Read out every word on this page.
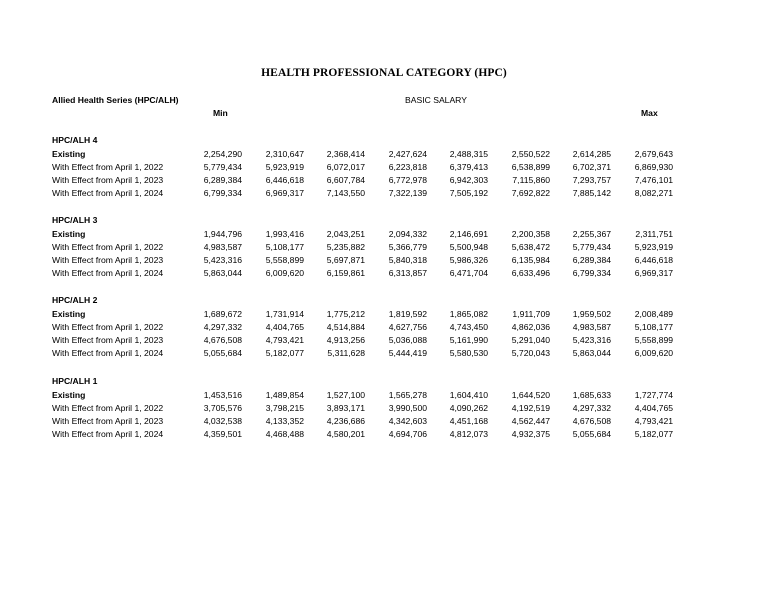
HEALTH PROFESSIONAL CATEGORY (HPC)
Allied Health Series (HPC/ALH)	BASIC SALARY
Min	Max
HPC/ALH 4
Existing	2,254,290	2,310,647	2,368,414	2,427,624	2,488,315	2,550,522	2,614,285	2,679,643
With Effect from April 1, 2022	5,779,434	5,923,919	6,072,017	6,223,818	6,379,413	6,538,899	6,702,371	6,869,930
With Effect from April 1, 2023	6,289,384	6,446,618	6,607,784	6,772,978	6,942,303	7,115,860	7,293,757	7,476,101
With Effect from April 1, 2024	6,799,334	6,969,317	7,143,550	7,322,139	7,505,192	7,692,822	7,885,142	8,082,271
HPC/ALH 3
Existing	1,944,796	1,993,416	2,043,251	2,094,332	2,146,691	2,200,358	2,255,367	2,311,751
With Effect from April 1, 2022	4,983,587	5,108,177	5,235,882	5,366,779	5,500,948	5,638,472	5,779,434	5,923,919
With Effect from April 1, 2023	5,423,316	5,558,899	5,697,871	5,840,318	5,986,326	6,135,984	6,289,384	6,446,618
With Effect from April 1, 2024	5,863,044	6,009,620	6,159,861	6,313,857	6,471,704	6,633,496	6,799,334	6,969,317
HPC/ALH 2
Existing	1,689,672	1,731,914	1,775,212	1,819,592	1,865,082	1,911,709	1,959,502	2,008,489
With Effect from April 1, 2022	4,297,332	4,404,765	4,514,884	4,627,756	4,743,450	4,862,036	4,983,587	5,108,177
With Effect from April 1, 2023	4,676,508	4,793,421	4,913,256	5,036,088	5,161,990	5,291,040	5,423,316	5,558,899
With Effect from April 1, 2024	5,055,684	5,182,077	5,311,628	5,444,419	5,580,530	5,720,043	5,863,044	6,009,620
HPC/ALH 1
Existing	1,453,516	1,489,854	1,527,100	1,565,278	1,604,410	1,644,520	1,685,633	1,727,774
With Effect from April 1, 2022	3,705,576	3,798,215	3,893,171	3,990,500	4,090,262	4,192,519	4,297,332	4,404,765
With Effect from April 1, 2023	4,032,538	4,133,352	4,236,686	4,342,603	4,451,168	4,562,447	4,676,508	4,793,421
With Effect from April 1, 2024	4,359,501	4,468,488	4,580,201	4,694,706	4,812,073	4,932,375	5,055,684	5,182,077
